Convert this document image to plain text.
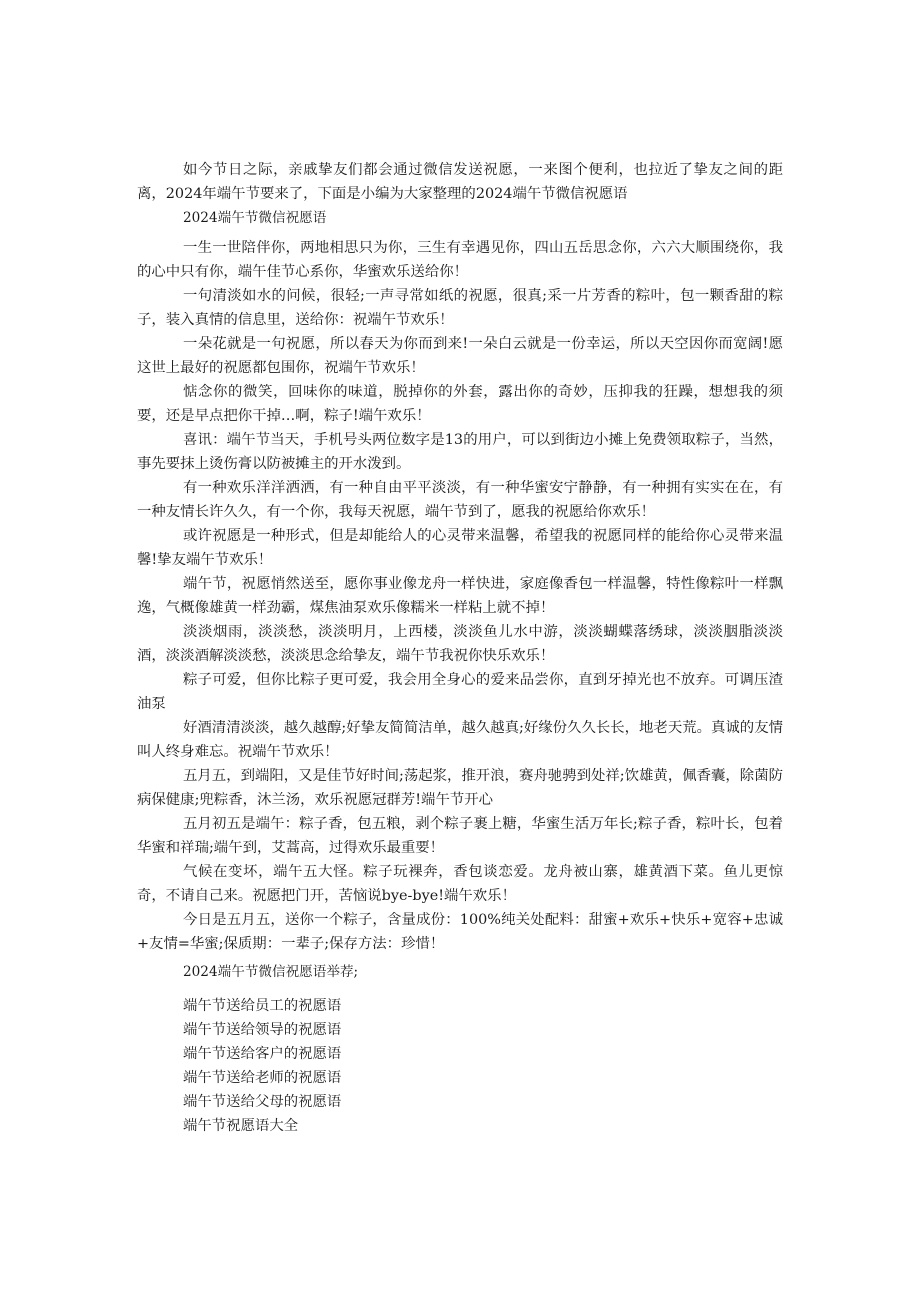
如今节日之际，亲戚挚友们都会通过微信发送祝愿，一来图个便利，也拉近了挚友之间的距离，2024年端午节要来了，下面是小编为大家整理的2024端午节微信祝愿语

2024端午节微信祝愿语

一生一世陪伴你，两地相思只为你，三生有幸遇见你，四山五岳思念你，六六大顺围绕你，我的心中只有你，端午佳节心系你，华蜜欢乐送给你！

一句清淡如水的问候，很轻;一声寻常如纸的祝愿，很真;采一片芳香的粽叶，包一颗香甜的粽子，装入真情的信息里，送给你：祝端午节欢乐！

一朵花就是一句祝愿，所以春天为你而到来!一朵白云就是一份幸运，所以天空因你而宽阔!愿这世上最好的祝愿都包围你，祝端午节欢乐！

惦念你的微笑，回味你的味道，脱掉你的外套，露出你的奇妙，压抑我的狂躁，想想我的须要，还是早点把你干掉…啊，粽子!端午欢乐！

喜讯：端午节当天，手机号头两位数字是13的用户，可以到街边小摊上免费领取粽子，当然，事先要抹上烫伤膏以防被摊主的开水泼到。

有一种欢乐洋洋洒洒，有一种自由平平淡淡，有一种华蜜安宁静静，有一种拥有实实在在，有一种友情长许久久，有一个你，我每天祝愿，端午节到了，愿我的祝愿给你欢乐！

或许祝愿是一种形式，但是却能给人的心灵带来温馨，希望我的祝愿同样的能给你心灵带来温馨!挚友端午节欢乐！

端午节，祝愿悄然送至，愿你事业像龙舟一样快进，家庭像香包一样温馨，特性像粽叶一样飘逸，气概像雄黄一样劲霸，煤焦油泵欢乐像糯米一样粘上就不掉！

淡淡烟雨，淡淡愁，淡淡明月，上西楼，淡淡鱼儿水中游，淡淡蝴蝶落绣球，淡淡胭脂淡淡酒，淡淡酒解淡淡愁，淡淡思念给挚友，端午节我祝你快乐欢乐！

粽子可爱，但你比粽子更可爱，我会用全身心的爱来品尝你，直到牙掉光也不放弃。可调压渣油泵

好酒清清淡淡，越久越醇;好挚友简简洁单，越久越真;好缘份久久长长，地老天荒。真诚的友情叫人终身难忘。祝端午节欢乐！

五月五，到端阳，又是佳节好时间;荡起浆，推开浪，赛舟驰骋到处祥;饮雄黄，佩香囊，除菌防病保健康;兜粽香，沐兰汤，欢乐祝愿冠群芳!端午节开心

五月初五是端午：粽子香，包五粮，剥个粽子裹上糖，华蜜生活万年长;粽子香，粽叶长，包着华蜜和祥瑞;端午到，艾蒿高，过得欢乐最重要！

气候在变坏，端午五大怪。粽子玩裸奔，香包谈恋爱。龙舟被山寨，雄黄酒下菜。鱼儿更惊奇，不请自己来。祝愿把门开，苦恼说bye-bye!端午欢乐！

今日是五月五，送你一个粽子，含量成份：100%纯关处配料：甜蜜+欢乐+快乐+宽容+忠诚+友情=华蜜;保质期：一辈子;保存方法：珍惜！

2024端午节微信祝愿语举荐;

端午节送给员工的祝愿语
端午节送给领导的祝愿语
端午节送给客户的祝愿语
端午节送给老师的祝愿语
端午节送给父母的祝愿语
端午节祝愿语大全
